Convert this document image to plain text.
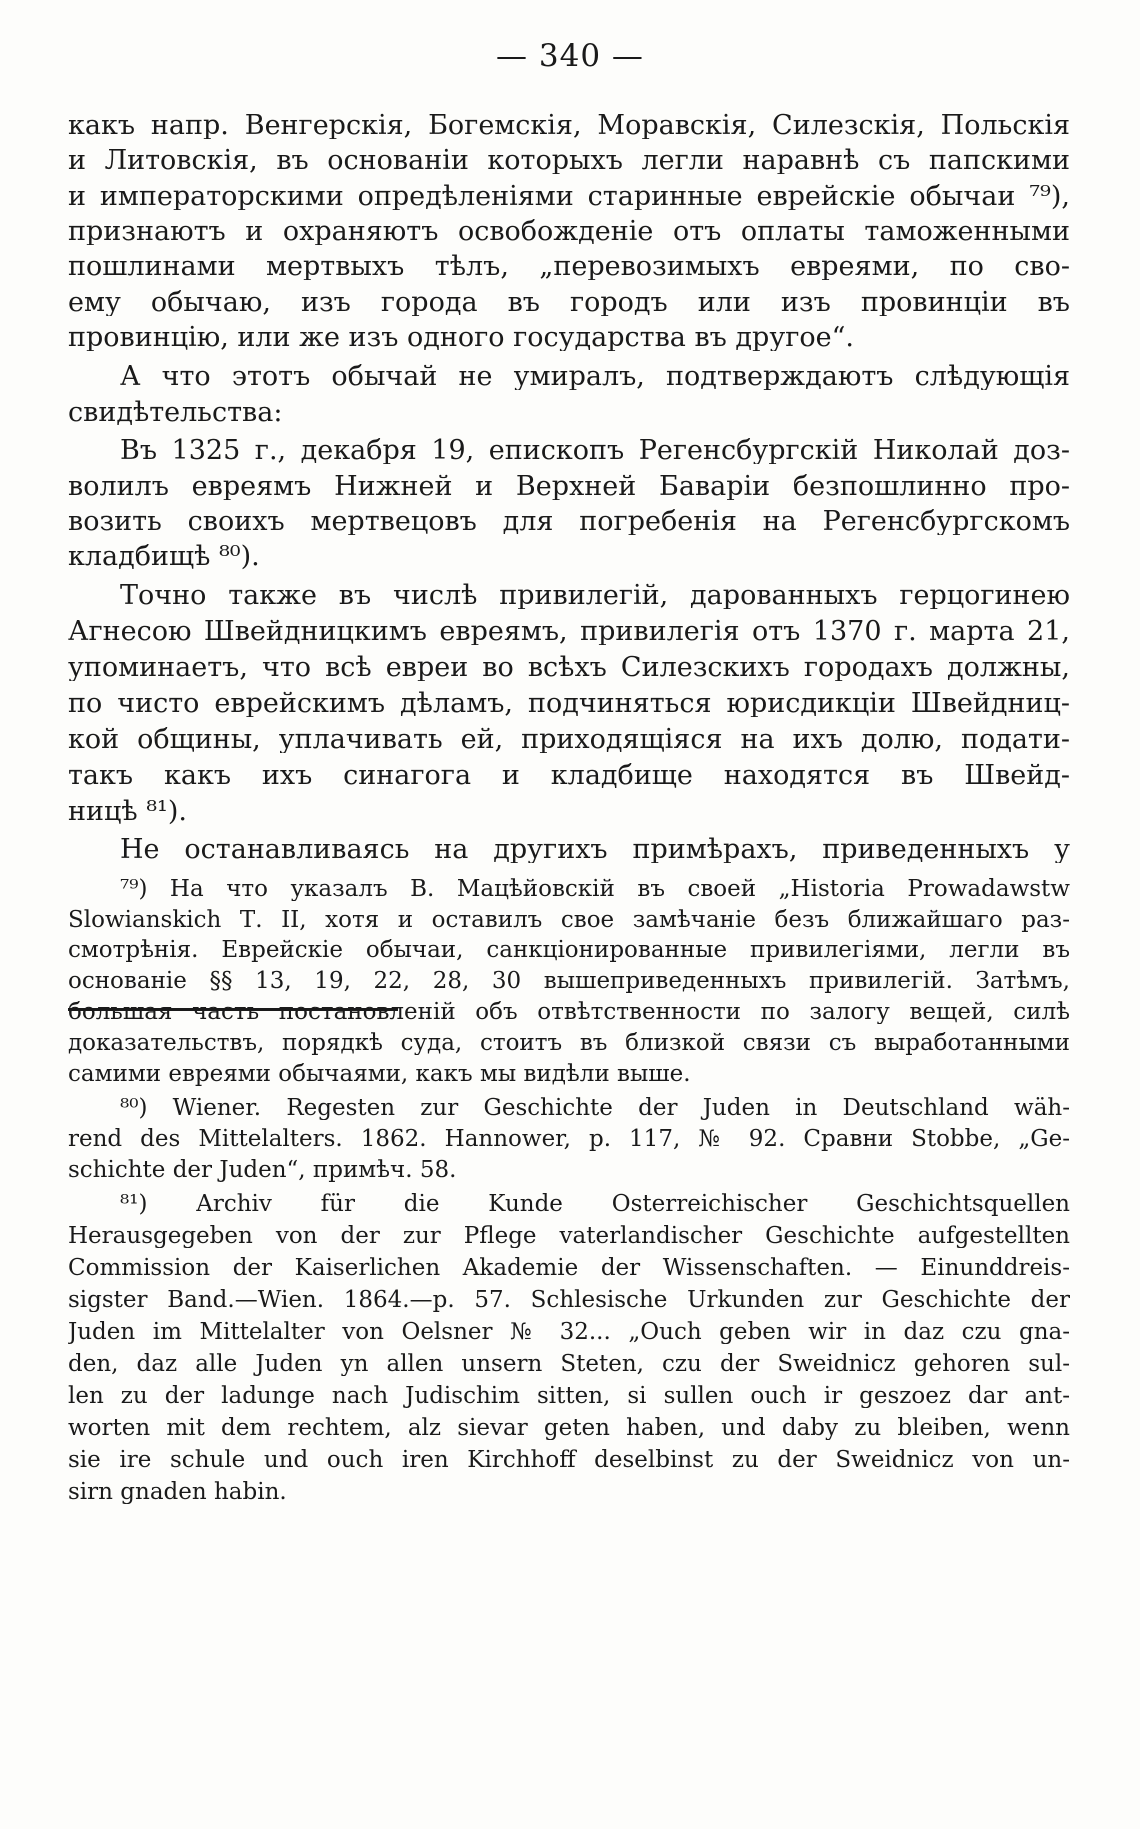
— 340 —
какъ напр. Венгерскія, Богемскія, Моравскія, Силезскія, Польскія
и Литовскія, въ основаніи которыхъ легли наравнѣ съ папскими
и императорскими опредѣленіями старинные еврейскіе обычаи ⁷⁹),
признаютъ и охраняютъ освобожденіе отъ оплаты таможенными
пошлинами мертвыхъ тѣлъ, „перевозимыхъ евреями, по сво-
ему обычаю, изъ города въ городъ или изъ провинціи въ
провинцію, или же изъ одного государства въ другое“.
А что этотъ обычай не умиралъ, подтверждаютъ слѣдующія
свидѣтельства:
Въ 1325 г., декабря 19, епископъ Регенсбургскій Николай доз-
волилъ евреямъ Нижней и Верхней Баваріи безпошлинно про-
возить своихъ мертвецовъ для погребенія на Регенсбургскомъ
кладбищѣ ⁸⁰).
Точно также въ числѣ привилегій, дарованныхъ герцогинею
Агнесою Швейдницкимъ евреямъ, привилегія отъ 1370 г. марта 21,
упоминаетъ, что всѣ евреи во всѣхъ Силезскихъ городахъ должны,
по чисто еврейскимъ дѣламъ, подчиняться юрисдикціи Швейдниц-
кой общины, уплачивать ей, приходящіяся на ихъ долю, подати-
такъ какъ ихъ синагога и кладбище находятся въ Швейд-
ницѣ ⁸¹).
Не останавливаясь на другихъ примѣрахъ, приведенныхъ у
⁷⁹) На что указалъ В. Мацѣйовскій въ своей „Historia Prowadawstw
Slowianskich Т. II, хотя и оставилъ свое замѣчаніе безъ ближайшаго раз-
смотрѣнія. Еврейскіе обычаи, санкціонированные привилегіями, легли въ
основаніе §§ 13, 19, 22, 28, 30 вышеприведенныхъ привилегій. Затѣмъ,
большая часть постановленій объ отвѣтственности по залогу вещей, силѣ
доказательствъ, порядкѣ суда, стоитъ въ близкой связи съ выработанными
самими евреями обычаями, какъ мы видѣли выше.
⁸⁰) Wiener. Regesten zur Geschichte der Juden in Deutschland wäh-
rend des Mittelalters. 1862. Hannower, p. 117, № 92. Сравни Stobbe, „Ge-
schichte der Juden“, примѣч. 58.
⁸¹) Archiv für die Kunde Osterreichischer Geschichtsquellen
Herausgegeben von der zur Pflege vaterlandischer Geschichte aufgestellten
Commission der Kaiserlichen Akademie der Wissenschaften. — Einunddreis-
sigster Band.—Wien. 1864.—p. 57. Schlesische Urkunden zur Geschichte der
Juden im Mittelalter von Oelsner № 32... „Ouch geben wir in daz czu gna-
den, daz alle Juden yn allen unsern Steten, czu der Sweidnicz gehoren sul-
len zu der ladunge nach Judischim sitten, si sullen ouch ir geszoez dar ant-
worten mit dem rechtem, alz sievar geten haben, und daby zu bleiben, wenn
sie ire schule und ouch iren Kirchhoff deselbinst zu der Sweidnicz von un-
sirn gnaden habin.
